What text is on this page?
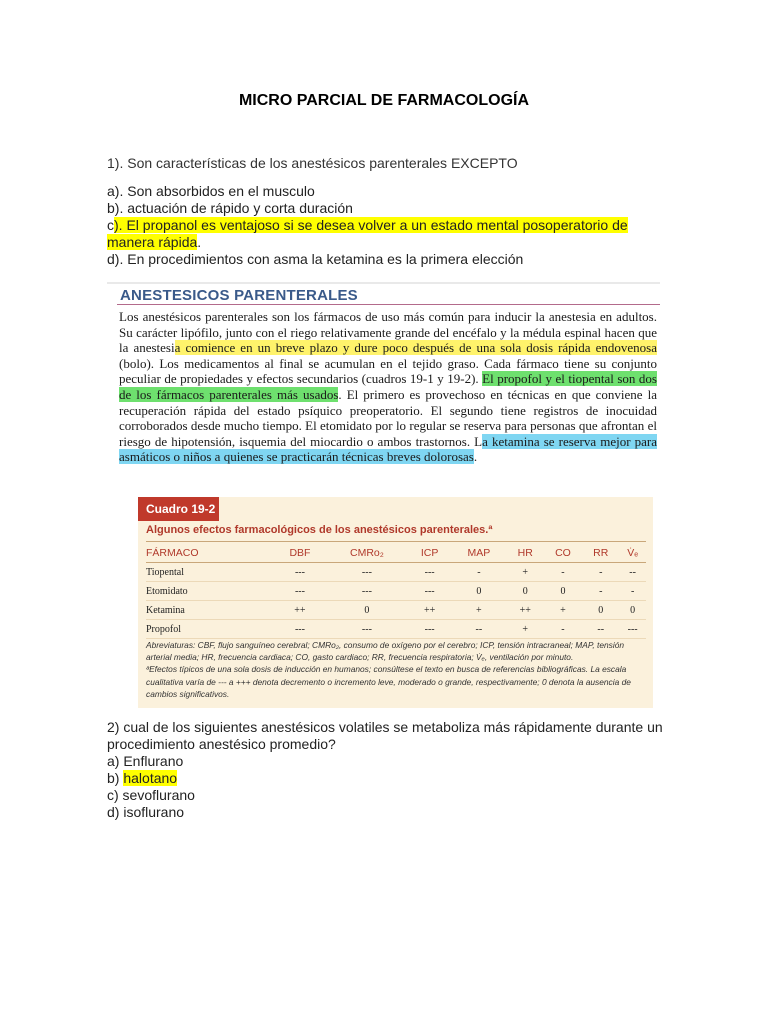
MICRO PARCIAL DE FARMACOLOGÍA
1). Son características de los anestésicos parenterales EXCEPTO
a). Son absorbidos en el musculo
b). actuación de rápido y corta duración
c). El propanol es ventajoso si se desea volver a un estado mental posoperatorio de manera rápida.
d). En procedimientos con asma la ketamina es la primera elección
ANESTESICOS PARENTERALES
Los anestésicos parenterales son los fármacos de uso más común para inducir la anestesia en adultos. Su carácter lipófilo, junto con el riego relativamente grande del encéfalo y la médula espinal hacen que la anestesia comience en un breve plazo y dure poco después de una sola dosis rápida endovenosa (bolo). Los medicamentos al final se acumulan en el tejido graso. Cada fármaco tiene su conjunto peculiar de propiedades y efectos secundarios (cuadros 19-1 y 19-2). El propofol y el tiopental son dos de los fármacos parenterales más usados. El primero es provechoso en técnicas en que conviene la recuperación rápida del estado psíquico preoperatorio. El segundo tiene registros de inocuidad corroborados desde mucho tiempo. El etomidato por lo regular se reserva para personas que afrontan el riesgo de hipotensión, isquemia del miocardio o ambos trastornos. La ketamina se reserva mejor para asmáticos o niños a quienes se practicarán técnicas breves dolorosas.
Cuadro 19-2
Algunos efectos farmacológicos de los anestésicos parenterales.ª
FÁRMACO	DBF	CMRo₂	ICP	MAP	HR	CO	RR	V̇ₑ
Tiopental	---	---	---	-	+	-	-	--
Etomidato	---	---	---	0	0	0	-	-
Ketamina	++	0	++	+	++	+	0	0
Propofol	---	---	---	--	+	-	--	---
Abreviaturas: CBF, flujo sanguíneo cerebral; CMRo₂, consumo de oxígeno por el cerebro; ICP, tensión intracraneal; MAP, tensión arterial media; HR, frecuencia cardiaca; CO, gasto cardiaco; RR, frecuencia respiratoria; V̇ₑ, ventilación por minuto.
ªEfectos típicos de una sola dosis de inducción en humanos; consúltese el texto en busca de referencias bibliográficas. La escala cualitativa varía de --- a +++ denota decremento o incremento leve, moderado o grande, respectivamente; 0 denota la ausencia de cambios significativos.
2) cual de los siguientes anestésicos volatiles se metaboliza más rápidamente durante un procedimiento anestésico promedio?
a) Enflurano
b) halotano
c) sevoflurano
d) isoflurano
